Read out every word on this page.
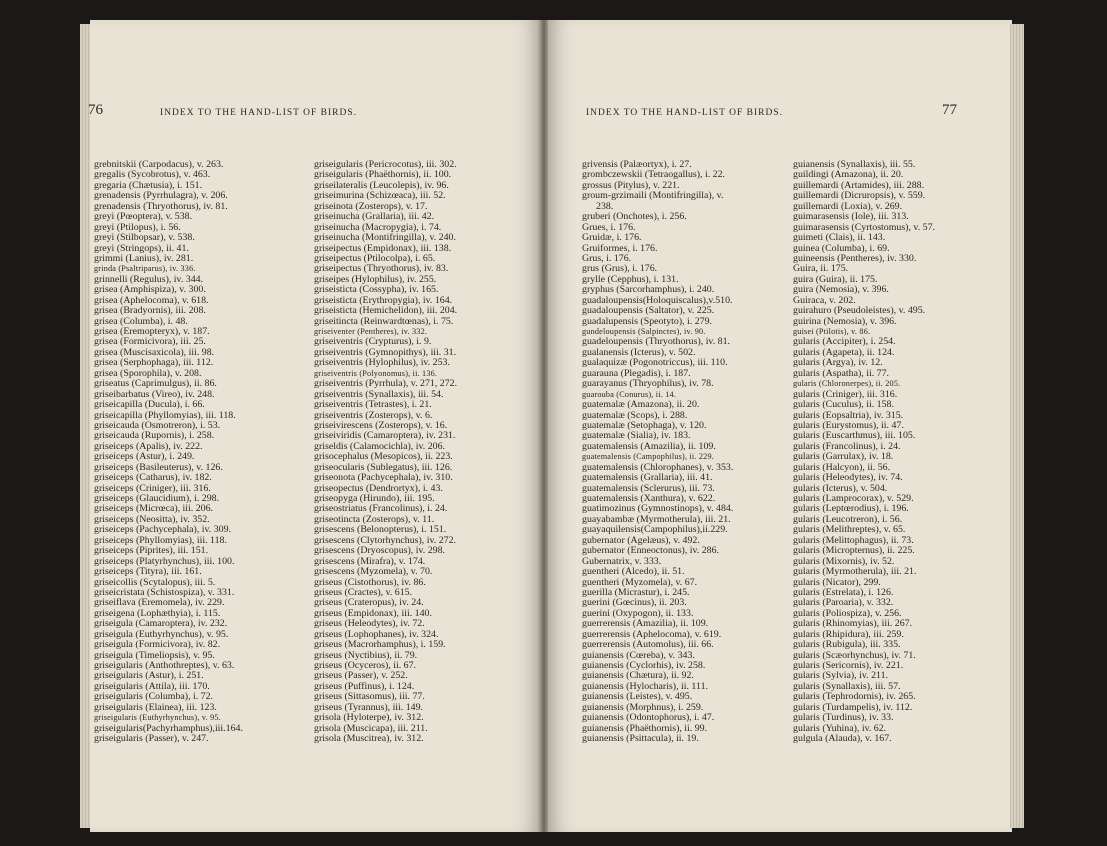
76	INDEX TO THE HAND-LIST OF BIRDS.
grebnitskii (Carpodacus), v. 263.
gregalis (Sycobrotus), v. 463.
gregaria (Chætusia), i. 151.
grenadensis (Pyrrhulagra), v. 206.
grenadensis (Thryothorus), iv. 81.
greyi (Pœoptera), v. 538.
greyi (Ptilopus), i. 56.
greyi (Stilbopsar), v. 538.
greyi (Stringops), ii. 41.
grimmi (Lanius), iv. 281.
grinda (Psaltriparus), iv. 336.
grinnelli (Regulus), iv. 344.
grisea (Amphispiza), v. 300.
grisea (Aphelocoma), v. 618.
grisea (Bradyornis), iii. 208.
grisea (Columba), i. 48.
grisea (Eremopteryx), v. 187.
grisea (Formicivora), iii. 25.
grisea (Muscisaxicola), iii. 98.
grisea (Serphophaga), iii. 112.
grisea (Sporophila), v. 208.
griseatus (Caprimulgus), ii. 86.
griseibarbatus (Vireo), iv. 248.
griseicapilla (Ducula), i. 66.
griseicapilla (Phyllomyias), iii. 118.
griseicauda (Osmotreron), i. 53.
griseicauda (Rupornis), i. 258.
griseiceps (Apalis), iv. 222.
griseiceps (Astur), i. 249.
griseiceps (Basileuterus), v. 126.
griseiceps (Catharus), iv. 182.
griseiceps (Criniger), iii. 316.
griseiceps (Glaucidium), i. 298.
griseiceps (Micrœca), iii. 206.
griseiceps (Neositta), iv. 352.
griseiceps (Pachycephala), iv. 309.
griseiceps (Phyllomyias), iii. 118.
griseiceps (Piprites), iii. 151.
griseiceps (Platyrhynchus), iii. 100.
griseiceps (Tityra), iii. 161.
griseicollis (Scytalopus), iii. 5.
griseicristata (Schistospiza), v. 331.
griseiflava (Eremomela), iv. 229.
griseigena (Lophæthyia), i. 115.
griseigula (Camaroptera), iv. 232.
griseigula (Euthyrhynchus), v. 95.
griseigula (Formicivora), iv. 82.
griseigula (Timeliopsis), v. 95.
griseigularis (Anthothreptes), v. 63.
griseigularis (Astur), i. 251.
griseigularis (Attila), iii. 170.
griseigularis (Columba), i. 72.
griseigularis (Elainea), iii. 123.
griseigularis (Euthyrhynchus), v. 95.
griseigularis(Pachyrhamphus),iii.164.
griseigularis (Passer), v. 247.
griseigularis (Pericrocotus), iii. 302.
griseigularis (Phaëthornis), ii. 100.
griseilateralis (Leucolepis), iv. 96.
griseimurina (Schizœaca), iii. 52.
griseinota (Zosterops), v. 17.
griseinucha (Grallaria), iii. 42.
griseinucha (Macropygia), i. 74.
griseinucha (Montifringilla), v. 240.
griseipectus (Empidonax), iii. 138.
griseipectus (Ptilocolpa), i. 65.
griseipectus (Thryothorus), iv. 83.
griseipes (Hylophilus), iv. 255.
griseisticta (Cossypha), iv. 165.
griseisticta (Erythropygia), iv. 164.
griseisticta (Hemichelidon), iii. 204.
griseitincta (Reinwardtœnas), i. 75.
griseiventer (Pentheres), iv. 332.
griseiventris (Crypturus), i. 9.
griseiventris (Gymnopithys), iii. 31.
griseiventris (Hylophilus), iv. 253.
griseiventris (Polyonomus), ii. 136.
griseiventris (Pyrrhula), v. 271, 272.
griseiventris (Synallaxis), iii. 54.
griseiventris (Tetrastes), i. 21.
griseiventris (Zosterops), v. 6.
griseivirescens (Zosterops), v. 16.
griseiviridis (Camaroptera), iv. 231.
griseldis (Calamocichla), iv. 206.
grisocephalus (Mesopicos), ii. 223.
griseocularis (Sublegatus), iii. 126.
griseonota (Pachycephala), iv. 310.
griseopectus (Dendrortyx), i. 43.
griseopyga (Hirundo), iii. 195.
griseostriatus (Francolinus), i. 24.
griseotincta (Zosterops), v. 11.
grisescens (Belonopterus), i. 151.
grisescens (Clytorhynchus), iv. 272.
grisescens (Dryoscopus), iv. 298.
grisescens (Mirafra), v. 174.
grisescens (Myzomela), v. 70.
griseus (Cistothorus), iv. 86.
griseus (Cractes), v. 615.
griseus (Crateropus), iv. 24.
griseus (Empidonax), iii. 140.
griseus (Heleodytes), iv. 72.
griseus (Lophophanes), iv. 324.
griseus (Macrorhamphus), i. 159.
griseus (Nyctibius), ii. 79.
griseus (Ocyceros), ii. 67.
griseus (Passer), v. 252.
griseus (Puffinus), i. 124.
griseus (Sittasomus), iii. 77.
griseus (Tyrannus), iii. 149.
grisola (Hyloterpe), iv. 312.
grisola (Muscicapa), iii. 211.
grisola (Muscitrea), iv. 312.
INDEX TO THE HAND-LIST OF BIRDS.	77
grivensis (Palæortyx), i. 27.
grombczewskii (Tetraogallus), i. 22.
grossus (Pitylus), v. 221.
groum-grzimaili (Montifringilla), v.
238.
gruberi (Onchotes), i. 256.
Grues, i. 176.
Gruidæ, i. 176.
Gruiformes, i. 176.
Grus, i. 176.
grus (Grus), i. 176.
grylle (Cepphus), i. 131.
gryphus (Sarcorhamphus), i. 240.
guadaloupensis(Holoquiscalus),v.510.
guadaloupensis (Saltator), v. 225.
guadalupensis (Speotyto), i. 279.
gundeloupensis (Salpinctes), iv. 90.
guadeloupensis (Thryothorus), iv. 81.
gualanensis (Icterus), v. 502.
gualaquizæ (Pogonotriccus), iii. 110.
guarauna (Plegadis), i. 187.
guarayanus (Thryophilus), iv. 78.
guarouba (Conurus), ii. 14.
guatemalæ (Amazona), ii. 20.
guatemalæ (Scops), i. 288.
guatemalæ (Setophaga), v. 120.
guatemalæ (Sialia), iv. 183.
guatemalensis (Amazilia), ii. 109.
guatemalensis (Campophilus), ii. 229.
guatemalensis (Chlorophanes), v. 353.
guatemalensis (Grallaria), iii. 41.
guatemalensis (Sclerurus), iii. 73.
guatemalensis (Xanthura), v. 622.
guatimozinus (Gymnostinops), v. 484.
guayabambæ (Myrmotherula), iii. 21.
guayaquilensis(Campophilus),ii.229.
gubernator (Agelæus), v. 492.
gubernator (Enneoctonus), iv. 286.
Gubernatrix, v. 333.
guentheri (Alcedo), ii. 51.
guentheri (Myzomela), v. 67.
guerilla (Micrastur), i. 245.
guerini (Gœcinus), ii. 203.
guerini (Oxypogon), ii. 133.
guerrerensis (Amazilia), ii. 109.
guerrerensis (Aphelocoma), v. 619.
guerrerensis (Automolus), iii. 66.
guianensis (Cœreba), v. 343.
guianensis (Cyclorhis), iv. 258.
guianensis (Chætura), ii. 92.
guianensis (Hylocharis), ii. 111.
guianensis (Leistes), v. 495.
guianensis (Morphnus), i. 259.
guianensis (Odontophorus), i. 47.
guianensis (Phaëthornis), ii. 99.
guianensis (Psittacula), ii. 19.
guianensis (Synallaxis), iii. 55.
guildingi (Amazona), ii. 20.
guillemardi (Artamides), iii. 288.
guillemardi (Dicruropsis), v. 559.
guillemardi (Loxia), v. 269.
guimarasensis (Iole), iii. 313.
guimarasensis (Cyrtostomus), v. 57.
guimeti (Clais), ii. 143.
guinea (Columba), i. 69.
guineensis (Pentheres), iv. 330.
Guira, ii. 175.
guira (Guira), ii. 175.
guira (Nemosia), v. 396.
Guiraca, v. 202.
guirahuro (Pseudoleistes), v. 495.
guirina (Nemosia), v. 396.
guisei (Ptilotis), v. 86.
gularis (Accipiter), i. 254.
gularis (Agapeta), ii. 124.
gularis (Argya), iv. 12.
gularis (Aspatha), ii. 77.
gularis (Chloronerpes), ii. 205.
gularis (Criniger), iii. 316.
gularis (Cuculus), ii. 158.
gularis (Eopsaltria), iv. 315.
gularis (Eurystomus), ii. 47.
gularis (Euscarthmus), iii. 105.
gularis (Francolinus), i. 24.
gularis (Garrulax), iv. 18.
gularis (Halcyon), ii. 56.
gularis (Heleodytes), iv. 74.
gularis (Icterus), v. 504.
gularis (Lamprocorax), v. 529.
gularis (Leptœrodius), i. 196.
gularis (Leucotreron), i. 56.
gularis (Melithreptes), v. 65.
gularis (Melittophagus), ii. 73.
gularis (Micropternus), ii. 225.
gularis (Mixornis), iv. 52.
gularis (Myrmotherula), iii. 21.
gularis (Nicator), 299.
gularis (Estrelata), i. 126.
gularis (Paroaria), v. 332.
gularis (Poliospiza), v. 256.
gularis (Rhinomyias), iii. 267.
gularis (Rhipidura), iii. 259.
gularis (Rubigula), iii. 335.
gularis (Scæorhynchus), iv. 71.
gularis (Sericornis), iv. 221.
gularis (Sylvia), iv. 211.
gularis (Synallaxis), iii. 57.
gularis (Tephrodornis), iv. 265.
gularis (Turdampelis), iv. 112.
gularis (Turdinus), iv. 33.
gularis (Yuhina), iv. 62.
gulgula (Alauda), v. 167.
